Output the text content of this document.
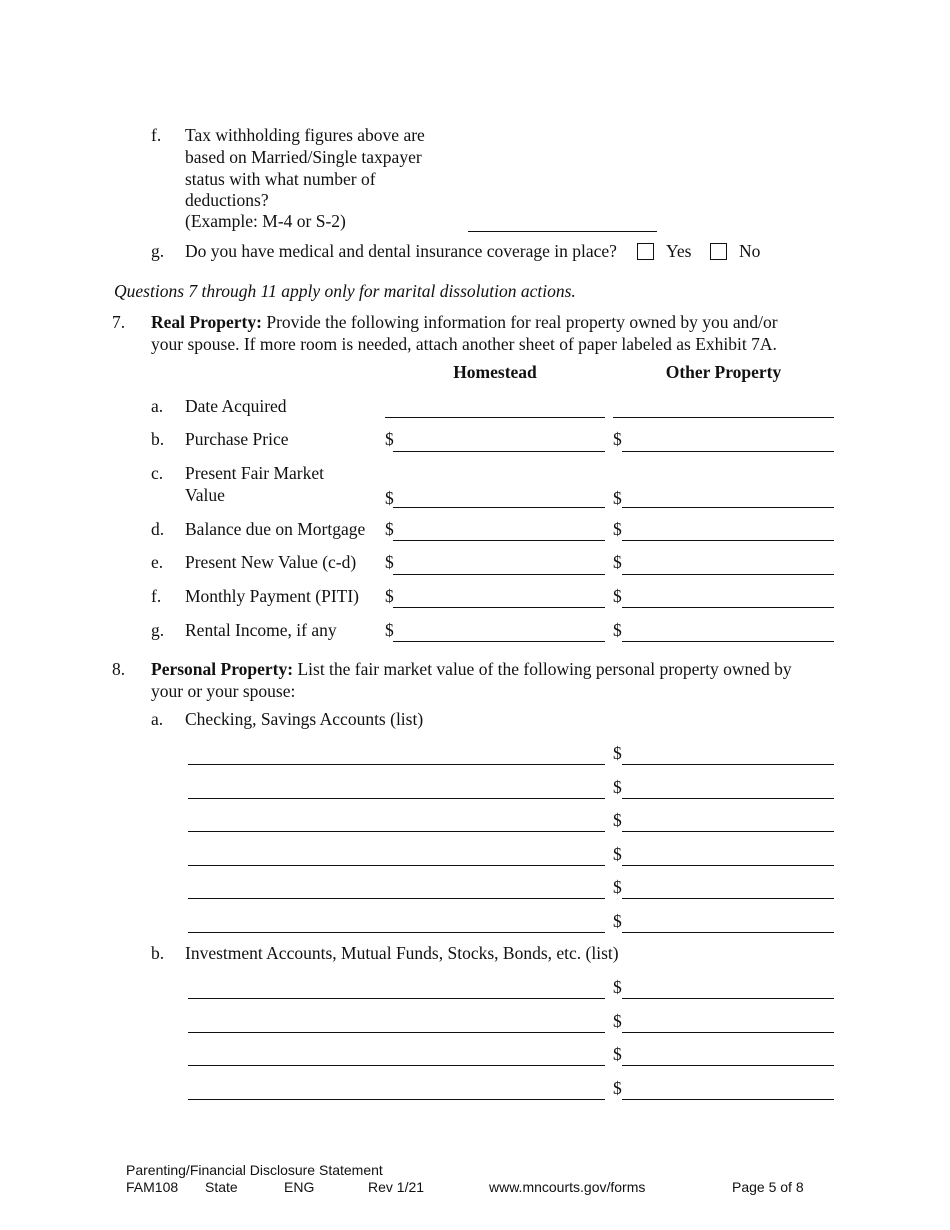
f. Tax withholding figures above are
based on Married/Single taxpayer
status with what number of
deductions?
(Example: M-4 or S-2)
g. Do you have medical and dental insurance coverage in place?	Yes	No
Questions 7 through 11 apply only for marital dissolution actions.
7. Real Property: Provide the following information for real property owned by you and/or
your spouse. If more room is needed, attach another sheet of paper labeled as Exhibit 7A.
Homestead	Other Property
a. Date Acquired
b. Purchase Price	$	$
c. Present Fair Market
Value	$	$
d. Balance due on Mortgage $	$
e. Present New Value (c-d) $	$
f. Monthly Payment (PITI) $	$
g. Rental Income, if any	$	$
8. Personal Property: List the fair market value of the following personal property owned by
your or your spouse:
a. Checking, Savings Accounts (list)
$
$
$
$
$
$
b. Investment Accounts, Mutual Funds, Stocks, Bonds, etc. (list)
$
$
$
$
Parenting/Financial Disclosure Statement
FAM108 State	ENG	Rev 1/21	www.mncourts.gov/forms	Page 5 of 8
